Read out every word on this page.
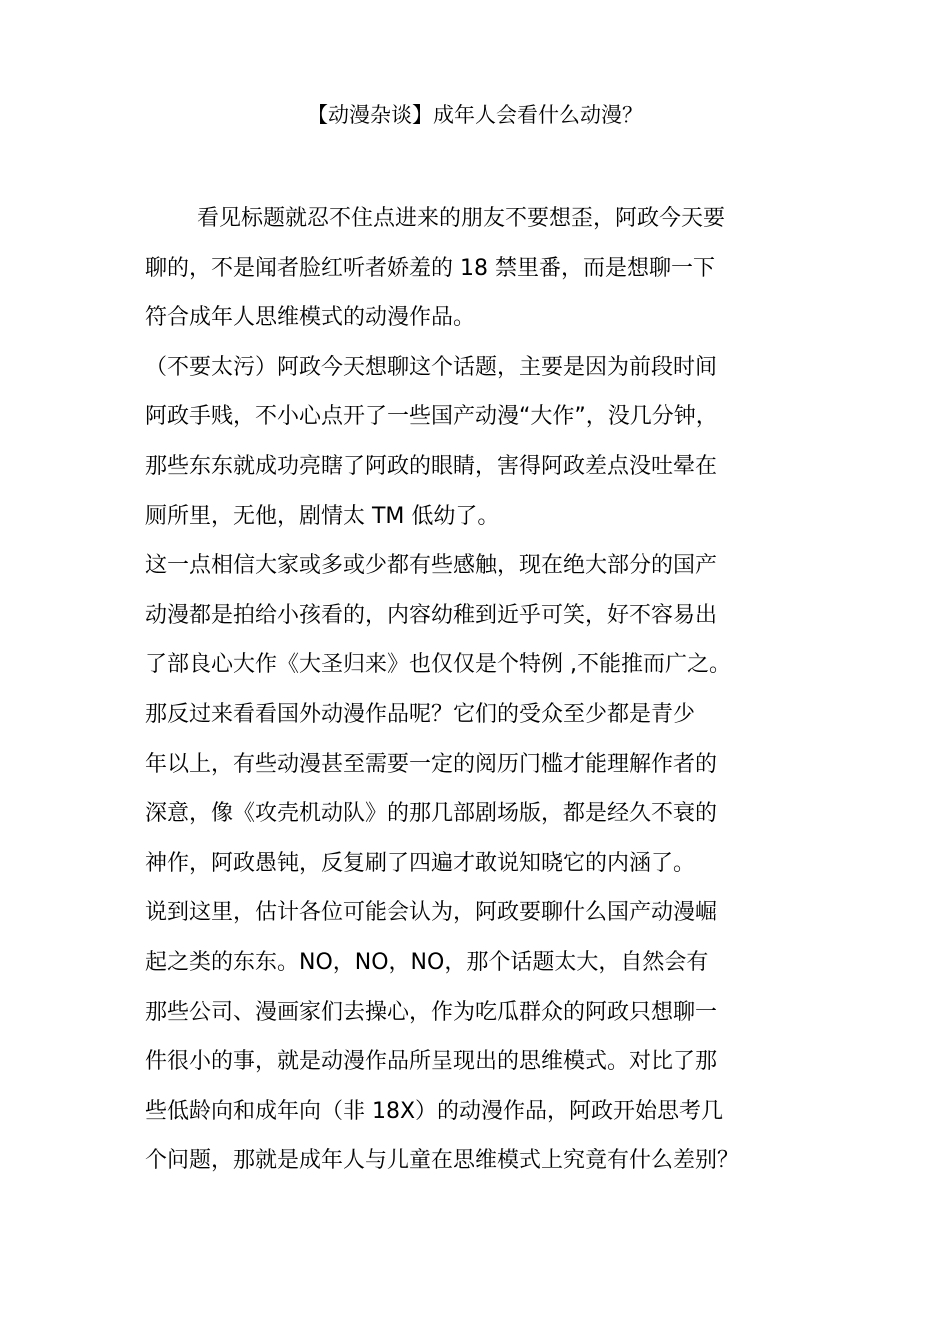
【动漫杂谈】成年人会看什么动漫？
看见标题就忍不住点进来的朋友不要想歪，阿政今天要
聊的，不是闻者脸红听者娇羞的 18 禁里番，而是想聊一下
符合成年人思维模式的动漫作品。
（不要太污）阿政今天想聊这个话题，主要是因为前段时间
阿政手贱，不小心点开了一些国产动漫“大作”，没几分钟，
那些东东就成功亮瞎了阿政的眼睛，害得阿政差点没吐晕在
厕所里，无他，剧情太 TM 低幼了。
这一点相信大家或多或少都有些感触，现在绝大部分的国产
动漫都是拍给小孩看的，内容幼稚到近乎可笑，好不容易出
了部良心大作《大圣归来》也仅仅是个特例 ,不能推而广之。
那反过来看看国外动漫作品呢？它们的受众至少都是青少
年以上，有些动漫甚至需要一定的阅历门槛才能理解作者的
深意，像《攻壳机动队》的那几部剧场版，都是经久不衰的
神作，阿政愚钝，反复刷了四遍才敢说知晓它的内涵了。
说到这里，估计各位可能会认为，阿政要聊什么国产动漫崛
起之类的东东。NO，NO，NO，那个话题太大，自然会有
那些公司、漫画家们去操心，作为吃瓜群众的阿政只想聊一
件很小的事，就是动漫作品所呈现出的思维模式。对比了那
些低龄向和成年向（非 18X）的动漫作品，阿政开始思考几
个问题，那就是成年人与儿童在思维模式上究竟有什么差别？
